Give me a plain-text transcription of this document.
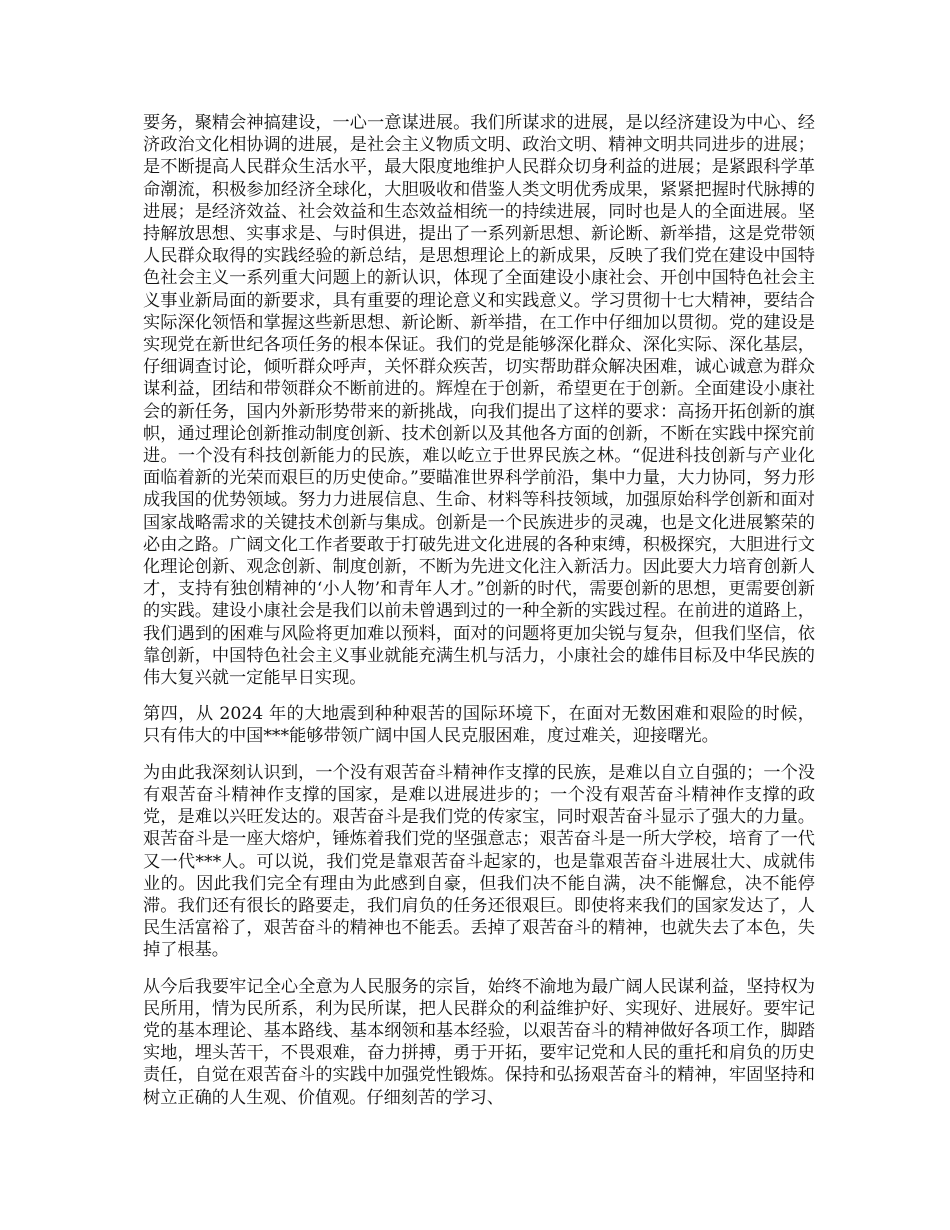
要务，聚精会神搞建设，一心一意谋进展。我们所谋求的进展，是以经济建设为中心、经济政治文化相协调的进展，是社会主义物质文明、政治文明、精神文明共同进步的进展；是不断提高人民群众生活水平，最大限度地维护人民群众切身利益的进展；是紧跟科学革命潮流，积极参加经济全球化，大胆吸收和借鉴人类文明优秀成果，紧紧把握时代脉搏的进展；是经济效益、社会效益和生态效益相统一的持续进展，同时也是人的全面进展。坚持解放思想、实事求是、与时俱进，提出了一系列新思想、新论断、新举措，这是党带领人民群众取得的实践经验的新总结，是思想理论上的新成果，反映了我们党在建设中国特色社会主义一系列重大问题上的新认识，体现了全面建设小康社会、开创中国特色社会主义事业新局面的新要求，具有重要的理论意义和实践意义。学习贯彻十七大精神，要结合实际深化领悟和掌握这些新思想、新论断、新举措，在工作中仔细加以贯彻。党的建设是实现党在新世纪各项任务的根本保证。我们的党是能够深化群众、深化实际、深化基层，仔细调查讨论，倾听群众呼声，关怀群众疾苦，切实帮助群众解决困难，诚心诚意为群众谋利益，团结和带领群众不断前进的。辉煌在于创新，希望更在于创新。全面建设小康社会的新任务，国内外新形势带来的新挑战，向我们提出了这样的要求：高扬开拓创新的旗帜，通过理论创新推动制度创新、技术创新以及其他各方面的创新，不断在实践中探究前进。一个没有科技创新能力的民族，难以屹立于世界民族之林。“促进科技创新与产业化面临着新的光荣而艰巨的历史使命。”要瞄准世界科学前沿，集中力量，大力协同，努力形成我国的优势领域。努力力进展信息、生命、材料等科技领域，加强原始科学创新和面对国家战略需求的关键技术创新与集成。创新是一个民族进步的灵魂，也是文化进展繁荣的必由之路。广阔文化工作者要敢于打破先进文化进展的各种束缚，积极探究，大胆进行文化理论创新、观念创新、制度创新，不断为先进文化注入新活力。因此要大力培育创新人才，支持有独创精神的‘小人物’和青年人才。”创新的时代，需要创新的思想，更需要创新的实践。建设小康社会是我们以前未曾遇到过的一种全新的实践过程。在前进的道路上，我们遇到的困难与风险将更加难以预料，面对的问题将更加尖锐与复杂，但我们坚信，依靠创新，中国特色社会主义事业就能充满生机与活力，小康社会的雄伟目标及中华民族的伟大复兴就一定能早日实现。

第四，从 2024 年的大地震到种种艰苦的国际环境下，在面对无数困难和艰险的时候，只有伟大的中国***能够带领广阔中国人民克服困难，度过难关，迎接曙光。

为由此我深刻认识到，一个没有艰苦奋斗精神作支撑的民族，是难以自立自强的；一个没有艰苦奋斗精神作支撑的国家，是难以进展进步的；一个没有艰苦奋斗精神作支撑的政党，是难以兴旺发达的。艰苦奋斗是我们党的传家宝，同时艰苦奋斗显示了强大的力量。艰苦奋斗是一座大熔炉，锤炼着我们党的坚强意志；艰苦奋斗是一所大学校，培育了一代又一代***人。可以说，我们党是靠艰苦奋斗起家的，也是靠艰苦奋斗进展壮大、成就伟业的。因此我们完全有理由为此感到自豪，但我们决不能自满，决不能懈怠，决不能停滞。我们还有很长的路要走，我们肩负的任务还很艰巨。即使将来我们的国家发达了，人民生活富裕了，艰苦奋斗的精神也不能丢。丢掉了艰苦奋斗的精神，也就失去了本色，失掉了根基。

从今后我要牢记全心全意为人民服务的宗旨，始终不渝地为最广阔人民谋利益，坚持权为民所用，情为民所系，利为民所谋，把人民群众的利益维护好、实现好、进展好。要牢记党的基本理论、基本路线、基本纲领和基本经验，以艰苦奋斗的精神做好各项工作，脚踏实地，埋头苦干，不畏艰难，奋力拼搏，勇于开拓，要牢记党和人民的重托和肩负的历史责任，自觉在艰苦奋斗的实践中加强党性锻炼。保持和弘扬艰苦奋斗的精神，牢固坚持和树立正确的人生观、价值观。仔细刻苦的学习、
